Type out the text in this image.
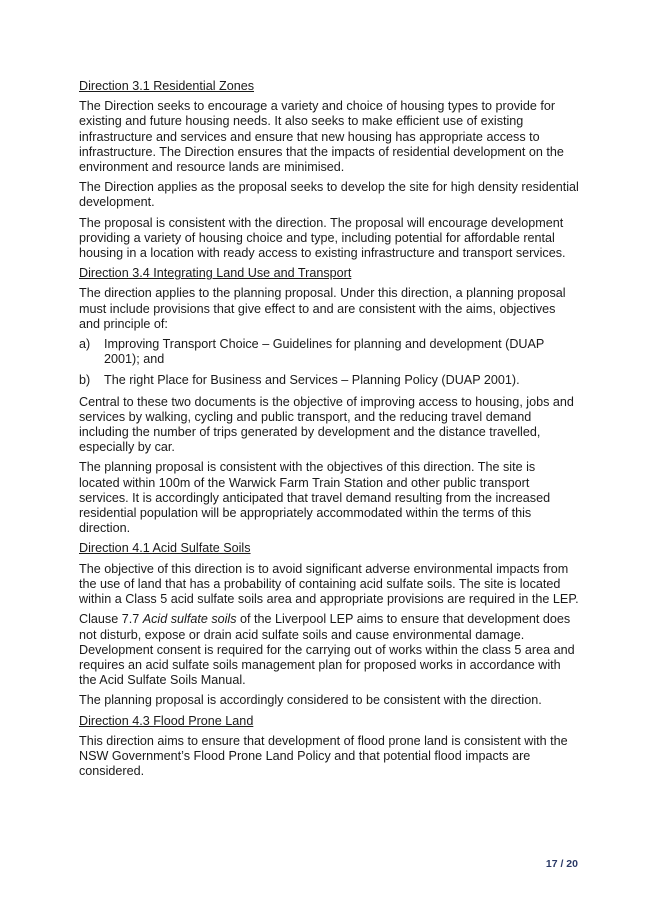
Direction 3.1 Residential Zones
The Direction seeks to encourage a variety and choice of housing types to provide for existing and future housing needs. It also seeks to make efficient use of existing infrastructure and services and ensure that new housing has appropriate access to infrastructure. The Direction ensures that the impacts of residential development on the environment and resource lands are minimised.
The Direction applies as the proposal seeks to develop the site for high density residential development.
The proposal is consistent with the direction. The proposal will encourage development providing a variety of housing choice and type, including potential for affordable rental housing in a location with ready access to existing infrastructure and transport services.
Direction 3.4 Integrating Land Use and Transport
The direction applies to the planning proposal. Under this direction, a planning proposal must include provisions that give effect to and are consistent with the aims, objectives and principle of:
a) Improving Transport Choice – Guidelines for planning and development (DUAP 2001); and
b) The right Place for Business and Services – Planning Policy (DUAP 2001).
Central to these two documents is the objective of improving access to housing, jobs and services by walking, cycling and public transport, and the reducing travel demand including the number of trips generated by development and the distance travelled, especially by car.
The planning proposal is consistent with the objectives of this direction. The site is located within 100m of the Warwick Farm Train Station and other public transport services. It is accordingly anticipated that travel demand resulting from the increased residential population will be appropriately accommodated within the terms of this direction.
Direction 4.1 Acid Sulfate Soils
The objective of this direction is to avoid significant adverse environmental impacts from the use of land that has a probability of containing acid sulfate soils. The site is located within a Class 5 acid sulfate soils area and appropriate provisions are required in the LEP.
Clause 7.7 Acid sulfate soils of the Liverpool LEP aims to ensure that development does not disturb, expose or drain acid sulfate soils and cause environmental damage. Development consent is required for the carrying out of works within the class 5 area and requires an acid sulfate soils management plan for proposed works in accordance with the Acid Sulfate Soils Manual.
The planning proposal is accordingly considered to be consistent with the direction.
Direction 4.3 Flood Prone Land
This direction aims to ensure that development of flood prone land is consistent with the NSW Government’s Flood Prone Land Policy and that potential flood impacts are considered.
17 / 20
